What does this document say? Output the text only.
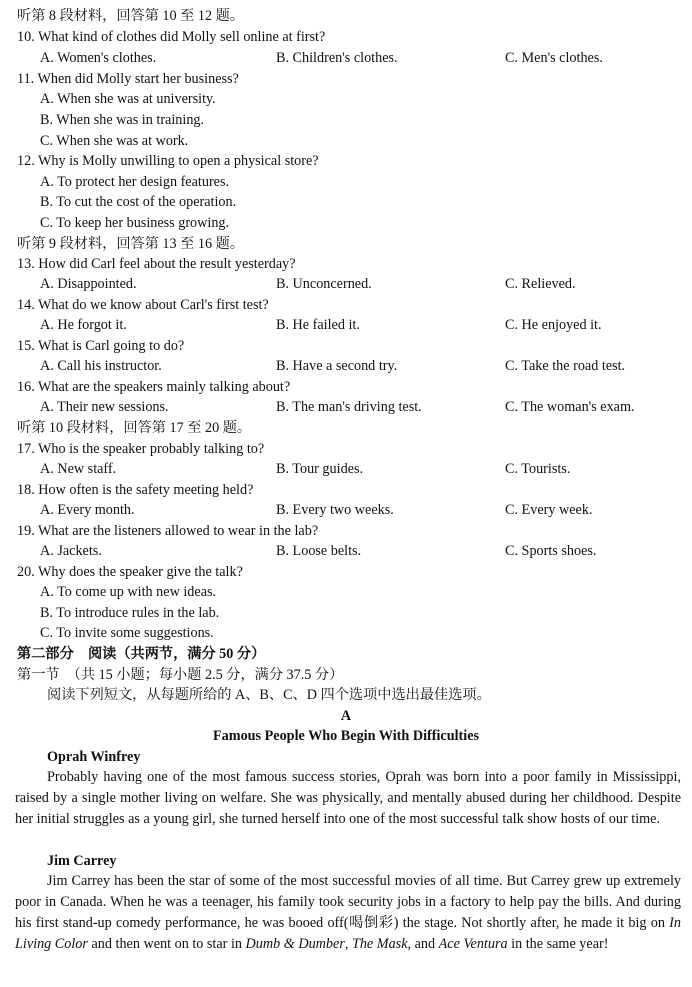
听第 8 段材料，回答第 10 至 12 题。
10. What kind of clothes did Molly sell online at first?
A. Women's clothes.	B. Children's clothes.	C. Men's clothes.
11. When did Molly start her business?
A. When she was at university.
B. When she was in training.
C. When she was at work.
12. Why is Molly unwilling to open a physical store?
A. To protect her design features.
B. To cut the cost of the operation.
C. To keep her business growing.
听第 9 段材料，回答第 13 至 16 题。
13. How did Carl feel about the result yesterday?
A. Disappointed.	B. Unconcerned.	C. Relieved.
14. What do we know about Carl's first test?
A. He forgot it.	B. He failed it.	C. He enjoyed it.
15. What is Carl going to do?
A. Call his instructor.	B. Have a second try.	C. Take the road test.
16. What are the speakers mainly talking about?
A. Their new sessions.	B. The man's driving test.	C. The woman's exam.
听第 10 段材料，回答第 17 至 20 题。
17. Who is the speaker probably talking to?
A. New staff.	B. Tour guides.	C. Tourists.
18. How often is the safety meeting held?
A. Every month.	B. Every two weeks.	C. Every week.
19. What are the listeners allowed to wear in the lab?
A. Jackets.	B. Loose belts.	C. Sports shoes.
20. Why does the speaker give the talk?
A. To come up with new ideas.
B. To introduce rules in the lab.
C. To invite some suggestions.
第二部分　阅读（共两节，满分 50 分）
第一节　（共 15 小题；每小题 2.5 分，满分 37.5 分）
阅读下列短文，从每题所给的 A、B、C、D 四个选项中选出最佳选项。
A
Famous People Who Begin With Difficulties
Oprah Winfrey

Probably having one of the most famous success stories, Oprah was born into a poor family in Mississippi, raised by a single mother living on welfare. She was physically, and mentally abused during her childhood. Despite her initial struggles as a young girl, she turned herself into one of the most successful talk show hosts of our time.

Jim Carrey

Jim Carrey has been the star of some of the most successful movies of all time. But Carrey grew up extremely poor in Canada. When he was a teenager, his family took security jobs in a factory to help pay the bills. And during his first stand-up comedy performance, he was booed off(喝倒彩) the stage. Not shortly after, he made it big on In Living Color and then went on to star in Dumb & Dumber, The Mask, and Ace Ventura in the same year!
